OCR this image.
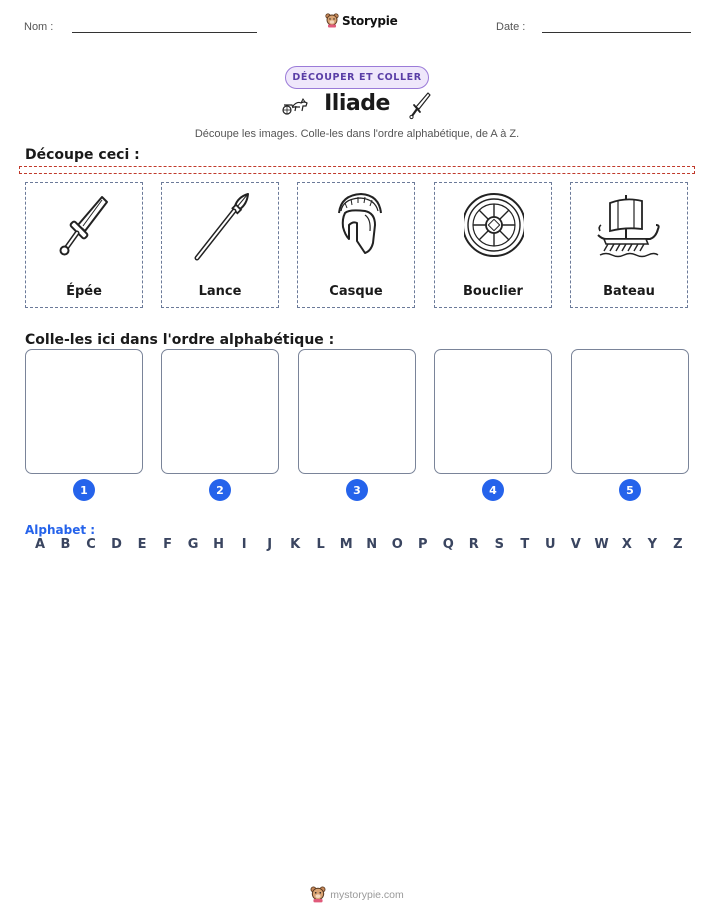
Nom :	Storypie	Date :
DÉCOUPER ET COLLER
Iliade
Découpe les images. Colle-les dans l'ordre alphabétique, de A à Z.
Découpe ceci :
Épée	Lance	Casque	Bouclier	Bateau
Colle-les ici dans l'ordre alphabétique :
1	2	3	4	5
Alphabet :
A B C D E F G H	I	J	K L M N O P Q R S T U V W X Y Z
mystorypie.com
